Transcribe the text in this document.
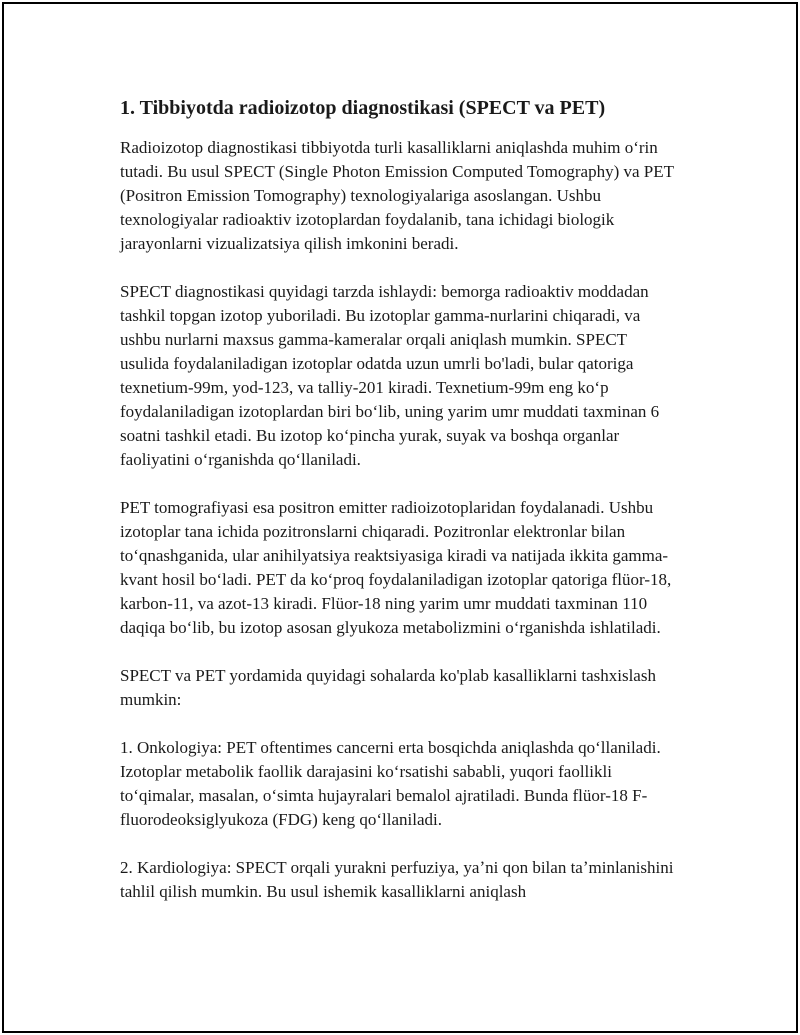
1. Tibbiyotda radioizotop diagnostikasi (SPECT va PET)

Radioizotop diagnostikasi tibbiyotda turli kasalliklarni aniqlashda muhim oʻrin tutadi. Bu usul SPECT (Single Photon Emission Computed Tomography) va PET (Positron Emission Tomography) texnologiyalariga asoslangan. Ushbu texnologiyalar radioaktiv izotoplardan foydalanib, tana ichidagi biologik jarayonlarni vizualizatsiya qilish imkonini beradi.

SPECT diagnostikasi quyidagi tarzda ishlaydi: bemorga radioaktiv moddadan tashkil topgan izotop yuboriladi. Bu izotoplar gamma-nurlarini chiqaradi, va ushbu nurlarni maxsus gamma-kameralar orqali aniqlash mumkin. SPECT usulida foydalaniladigan izotoplar odatda uzun umrli bo'ladi, bular qatoriga texnetium-99m, yod-123, va talliy-201 kiradi. Texnetium-99m eng koʻp foydalaniladigan izotoplardan biri boʻlib, uning yarim umr muddati taxminan 6 soatni tashkil etadi. Bu izotop koʻpincha yurak, suyak va boshqa organlar faoliyatini oʻrganishda qoʻllaniladi.

PET tomografiyasi esa positron emitter radioizotoplaridan foydalanadi. Ushbu izotoplar tana ichida pozitronslarni chiqaradi. Pozitronlar elektronlar bilan toʻqnashganida, ular anihilyatsiya reaktsiyasiga kiradi va natijada ikkita gamma-kvant hosil boʻladi. PET da koʻproq foydalaniladigan izotoplar qatoriga flüor-18, karbon-11, va azot-13 kiradi. Flüor-18 ning yarim umr muddati taxminan 110 daqiqa boʻlib, bu izotop asosan glyukoza metabolizmini oʻrganishda ishlatiladi.

SPECT va PET yordamida quyidagi sohalarda ko'plab kasalliklarni tashxislash mumkin:

1. Onkologiya: PET oftentimes cancerni erta bosqichda aniqlashda qoʻllaniladi. Izotoplar metabolik faollik darajasini koʻrsatishi sababli, yuqori faollikli toʻqimalar, masalan, oʻsimta hujayralari bemalol ajratiladi. Bunda flüor-18 F-fluorodeoksiglyukoza (FDG) keng qoʻllaniladi.

2. Kardiologiya: SPECT orqali yurakni perfuziya, yaʼni qon bilan taʼminlanishini tahlil qilish mumkin. Bu usul ishemik kasalliklarni aniqlash
